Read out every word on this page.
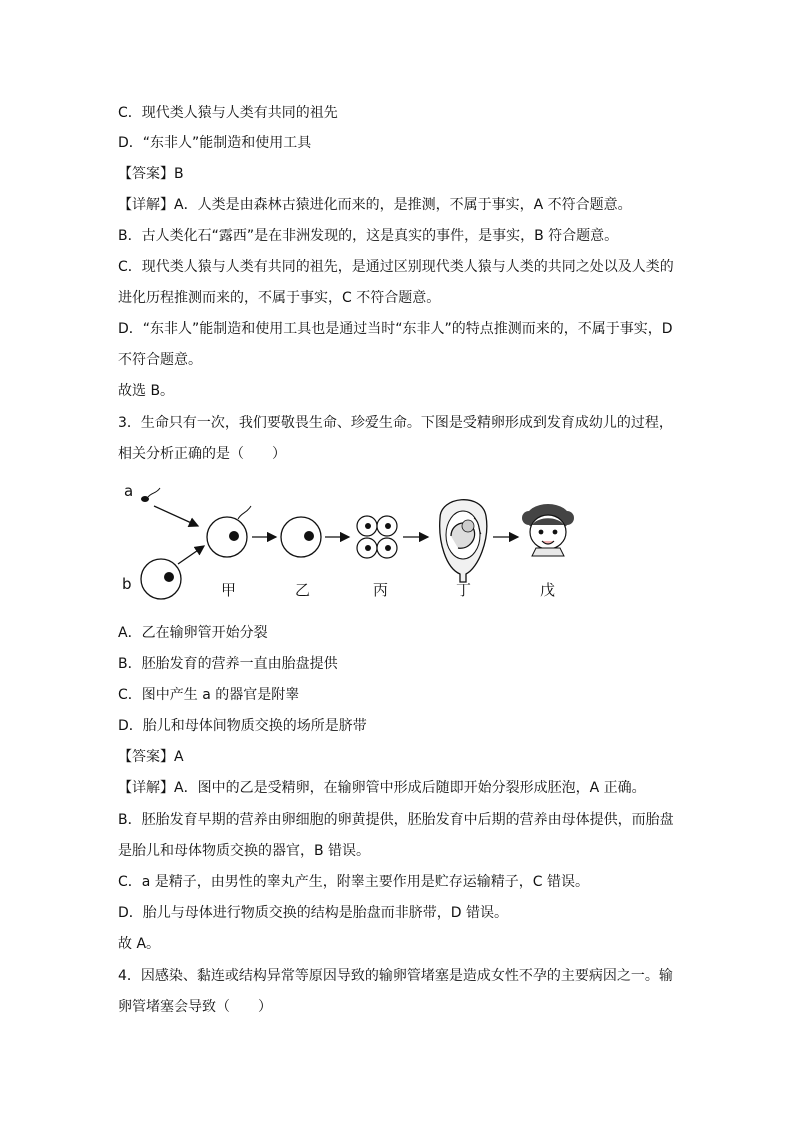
C．现代类人猿与人类有共同的祖先
D．“东非人”能制造和使用工具
【答案】B
【详解】A．人类是由森林古猿进化而来的，是推测，不属于事实，A 不符合题意。
B．古人类化石“露西”是在非洲发现的，这是真实的事件，是事实，B 符合题意。
C．现代类人猿与人类有共同的祖先，是通过区别现代类人猿与人类的共同之处以及人类的
进化历程推测而来的，不属于事实，C 不符合题意。
D．“东非人”能制造和使用工具也是通过当时“东非人”的特点推测而来的，不属于事实，D
不符合题意。
故选 B。
3．生命只有一次，我们要敬畏生命、珍爱生命。下图是受精卵形成到发育成幼儿的过程，
相关分析正确的是（　　）
a
b	甲	乙	丙	丁	戊
A．乙在输卵管开始分裂
B．胚胎发育的营养一直由胎盘提供
C．图中产生 a 的器官是附睾
D．胎儿和母体间物质交换的场所是脐带
【答案】A
【详解】A．图中的乙是受精卵，在输卵管中形成后随即开始分裂形成胚泡，A 正确。
B．胚胎发育早期的营养由卵细胞的卵黄提供，胚胎发育中后期的营养由母体提供，而胎盘
是胎儿和母体物质交换的器官，B 错误。
C．a 是精子，由男性的睾丸产生，附睾主要作用是贮存运输精子，C 错误。
D．胎儿与母体进行物质交换的结构是胎盘而非脐带，D 错误。
故 A。
4．因感染、黏连或结构异常等原因导致的输卵管堵塞是造成女性不孕的主要病因之一。输
卵管堵塞会导致（　　）
